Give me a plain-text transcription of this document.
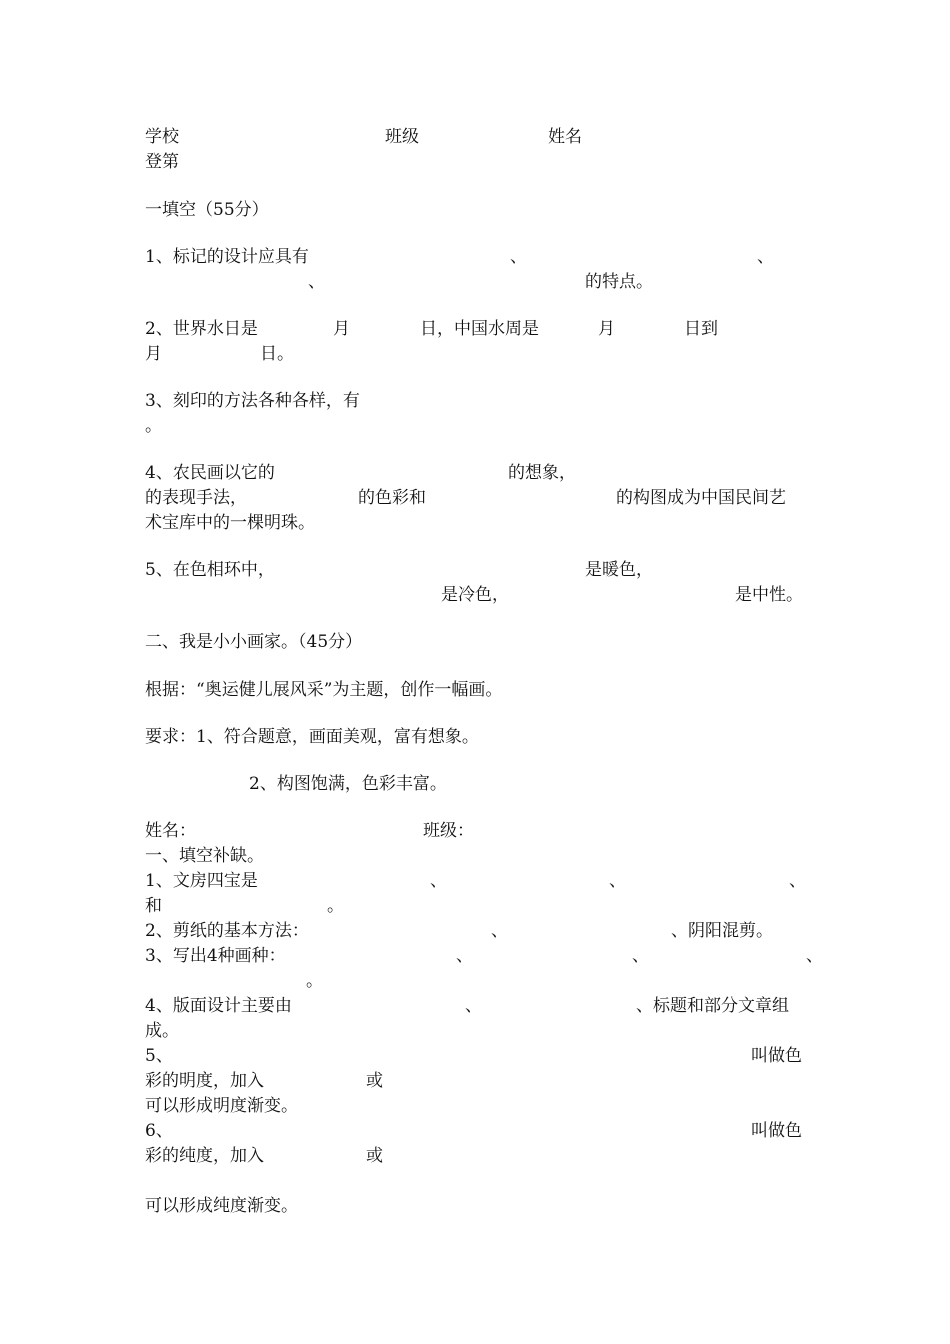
学校	班级	姓名
登第
一填空（55分）
1、标记的设计应具有	、	、
、	的特点。
2、世界水日是	月	日，中国水周是	月	日到
月	日。
3、刻印的方法各种各样，有
。
4、农民画以它的	的想象，
的表现手法，	的色彩和	的构图成为中国民间艺
术宝库中的一棵明珠。
5、在色相环中，	是暖色，
是冷色，	是中性。
二、我是小小画家。（45分）
根据：“奥运健儿展风采”为主题，创作一幅画。
要求：1、符合题意，画面美观，富有想象。
2、构图饱满，色彩丰富。
姓名：	班级：
一、填空补缺。
1、文房四宝是	、	、	、
和	。
2、剪纸的基本方法：	、	、阴阳混剪。
3、写出4种画种：	、	、	、
。
4、版面设计主要由	、	、标题和部分文章组
成。
5、	叫做色
彩的明度，加入	或
可以形成明度渐变。
6、	叫做色
彩的纯度，加入	或
可以形成纯度渐变。
